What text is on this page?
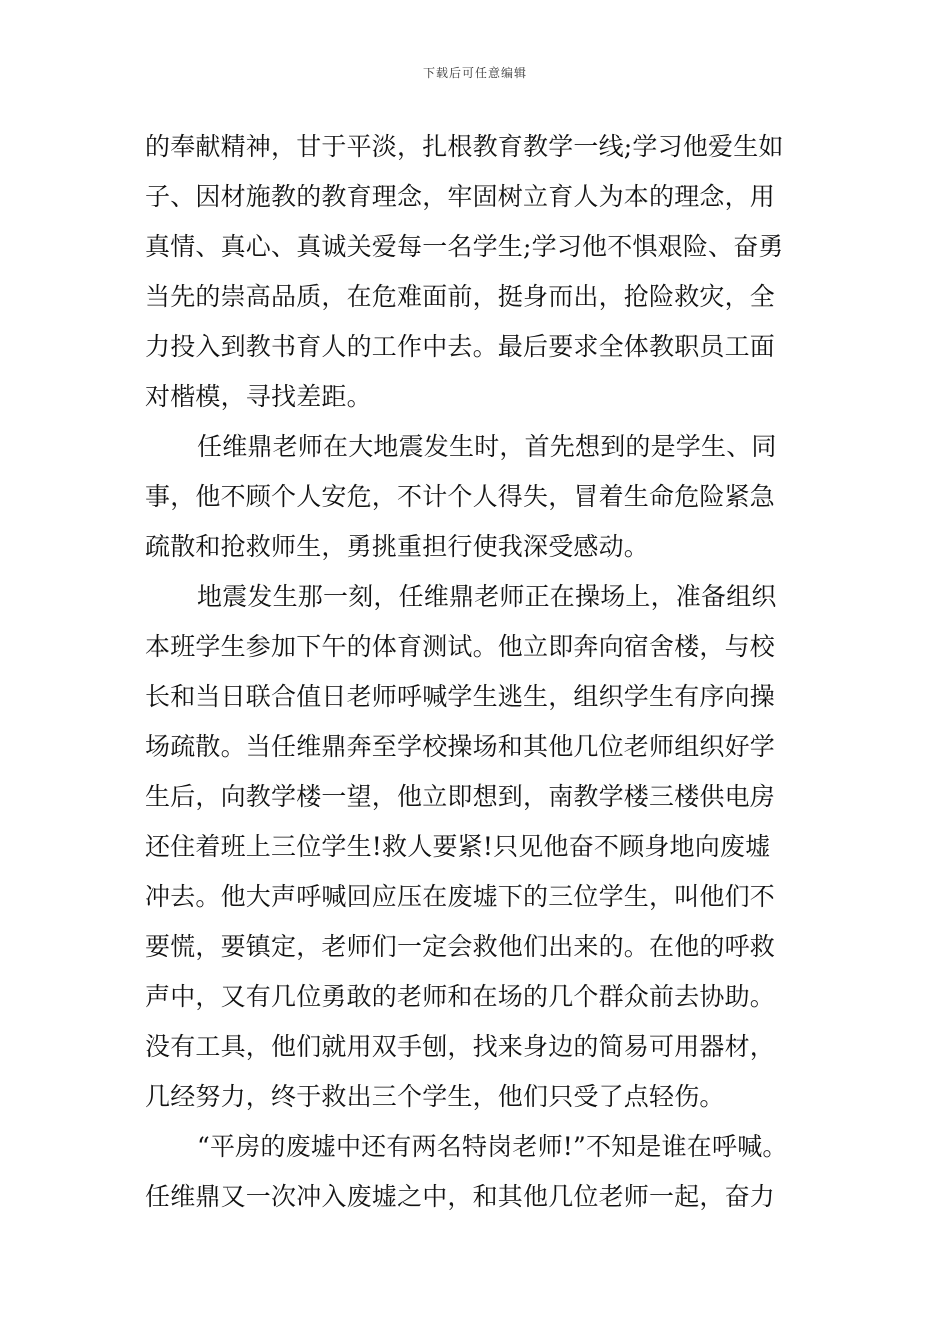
下载后可任意编辑
的奉献精神，甘于平淡，扎根教育教学一线;学习他爱生如
子、因材施教的教育理念，牢固树立育人为本的理念，用
真情、真心、真诚关爱每一名学生;学习他不惧艰险、奋勇
当先的崇高品质，在危难面前，挺身而出，抢险救灾，全
力投入到教书育人的工作中去。最后要求全体教职员工面
对楷模，寻找差距。
任维鼎老师在大地震发生时，首先想到的是学生、同
事，他不顾个人安危，不计个人得失，冒着生命危险紧急
疏散和抢救师生，勇挑重担行使我深受感动。
地震发生那一刻，任维鼎老师正在操场上，准备组织
本班学生参加下午的体育测试。他立即奔向宿舍楼，与校
长和当日联合值日老师呼喊学生逃生，组织学生有序向操
场疏散。当任维鼎奔至学校操场和其他几位老师组织好学
生后，向教学楼一望，他立即想到，南教学楼三楼供电房
还住着班上三位学生!救人要紧!只见他奋不顾身地向废墟
冲去。他大声呼喊回应压在废墟下的三位学生，叫他们不
要慌，要镇定，老师们一定会救他们出来的。在他的呼救
声中，又有几位勇敢的老师和在场的几个群众前去协助。
没有工具，他们就用双手刨，找来身边的简易可用器材，
几经努力，终于救出三个学生，他们只受了点轻伤。
“平房的废墟中还有两名特岗老师!”不知是谁在呼喊。
任维鼎又一次冲入废墟之中，和其他几位老师一起，奋力
